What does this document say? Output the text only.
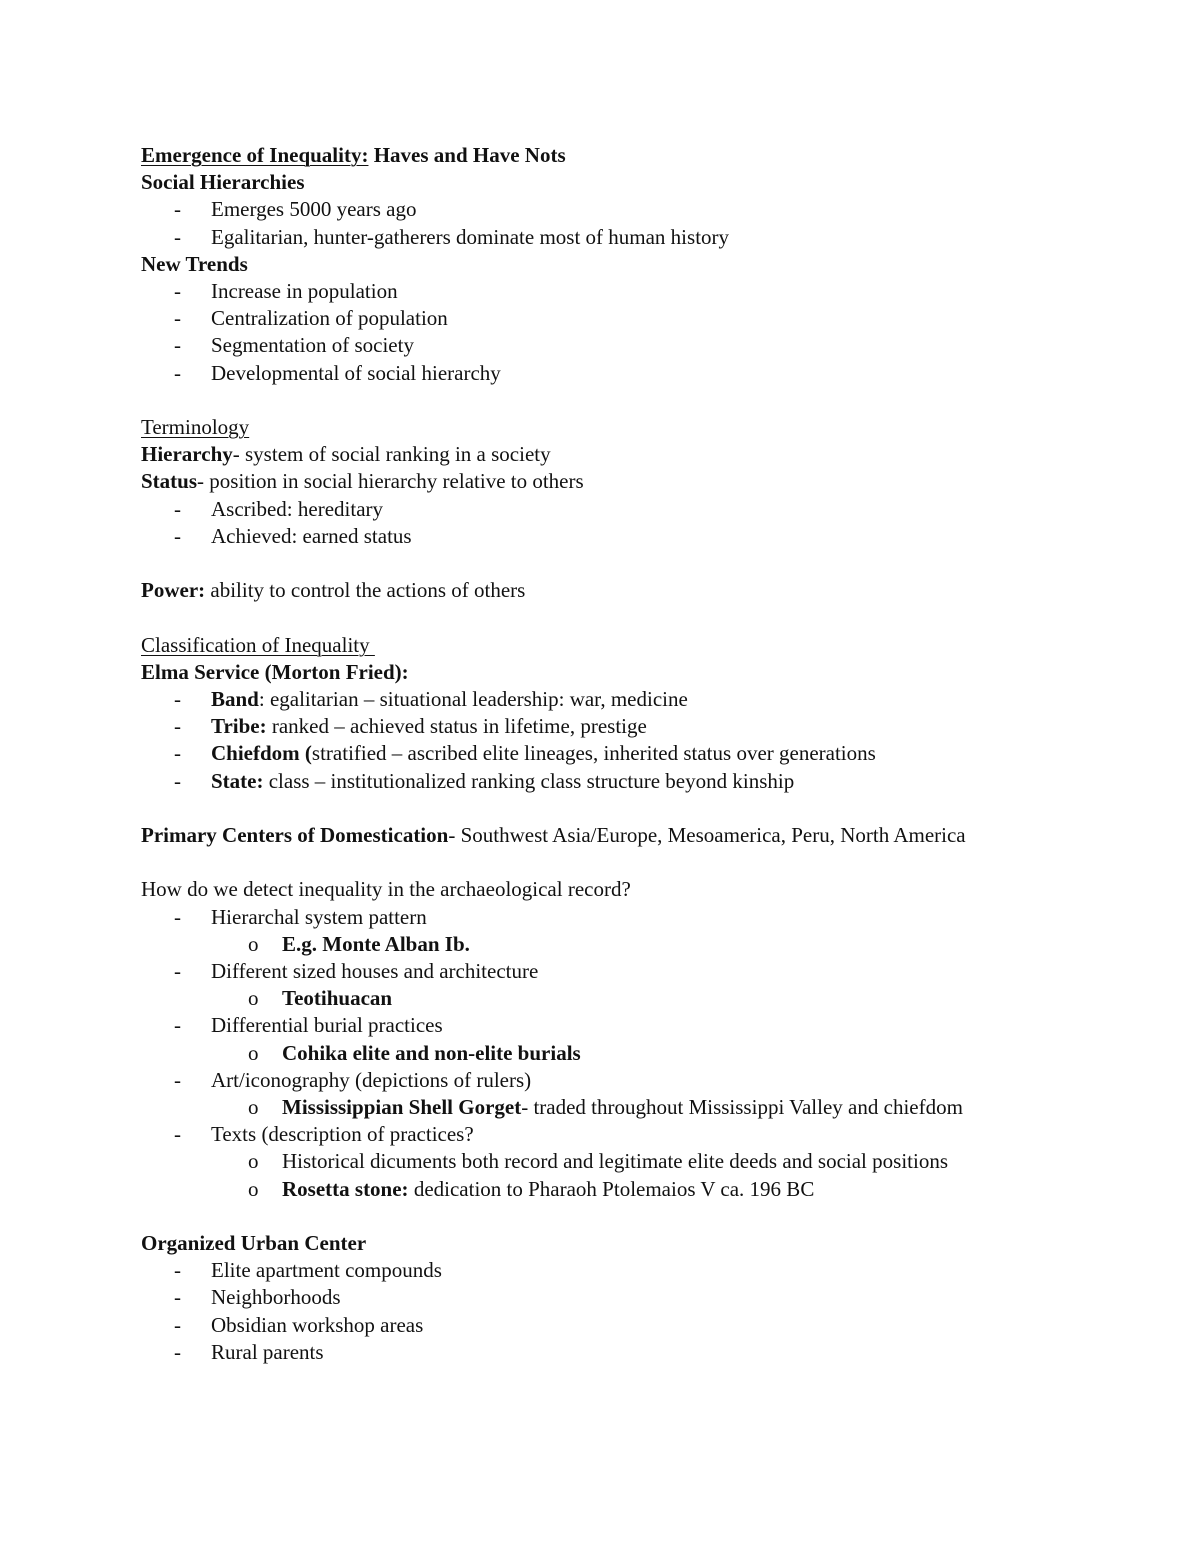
Emergence of Inequality: Haves and Have Nots
Social Hierarchies
- Emerges 5000 years ago
- Egalitarian, hunter-gatherers dominate most of human history
New Trends
- Increase in population
- Centralization of population
- Segmentation of society
- Developmental of social hierarchy
Terminology
Hierarchy- system of social ranking in a society
Status- position in social hierarchy relative to others
- Ascribed: hereditary
- Achieved: earned status
Power: ability to control the actions of others
Classification of Inequality
Elma Service (Morton Fried):
- Band: egalitarian – situational leadership: war, medicine
- Tribe: ranked – achieved status in lifetime, prestige
- Chiefdom (stratified – ascribed elite lineages, inherited status over generations
- State: class – institutionalized ranking class structure beyond kinship
Primary Centers of Domestication- Southwest Asia/Europe, Mesoamerica, Peru, North America
How do we detect inequality in the archaeological record?
- Hierarchal system pattern
o E.g. Monte Alban Ib.
- Different sized houses and architecture
o Teotihuacan
- Differential burial practices
o Cohika elite and non-elite burials
- Art/iconography (depictions of rulers)
o Mississippian Shell Gorget- traded throughout Mississippi Valley and chiefdom
- Texts (description of practices?
o Historical dicuments both record and legitimate elite deeds and social positions
o Rosetta stone: dedication to Pharaoh Ptolemaios V ca. 196 BC
Organized Urban Center
- Elite apartment compounds
- Neighborhoods
- Obsidian workshop areas
- Rural parents
